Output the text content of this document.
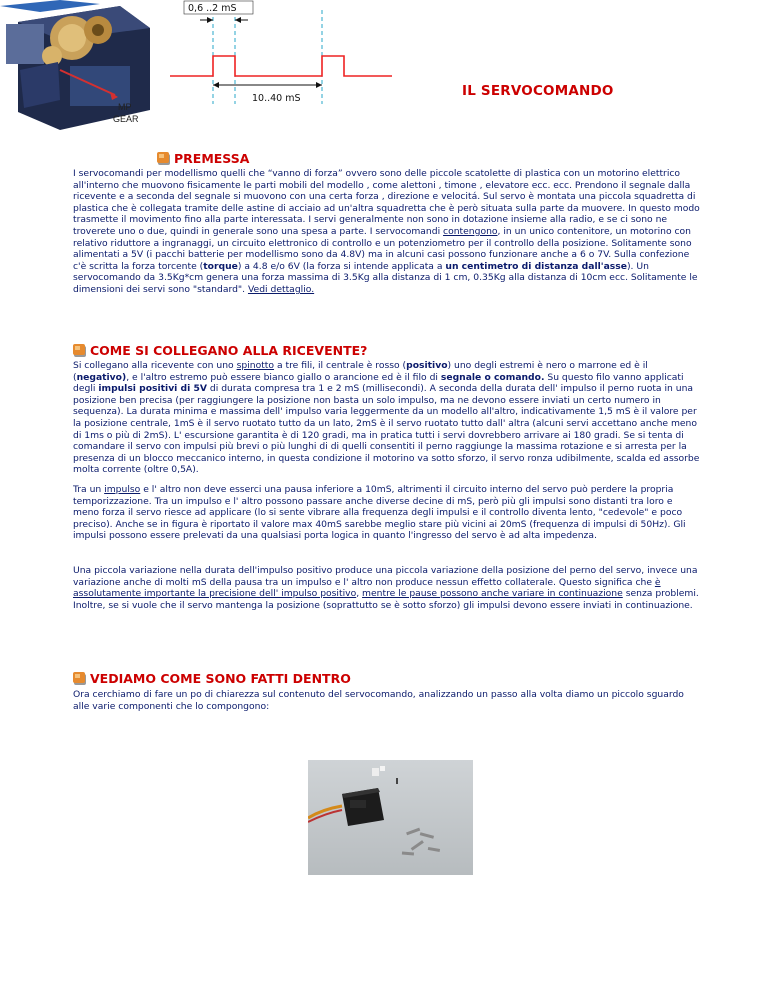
MP
GEAR
0,6 ..2 mS
10..40 mS	IL SERVOCOMANDO
PREMESSA
I servocomandi per modellismo quelli che “vanno di forza” ovvero sono delle piccole scatolette di plastica con un motorino elettrico all'interno che muovono fisicamente le parti mobili del modello , come alettoni , timone , elevatore ecc. ecc. Prendono il segnale dalla ricevente e a seconda del segnale si muovono con una certa forza , direzione e velocitá. Sul servo è montata una piccola squadretta di plastica che è collegata tramite delle astine di acciaio ad un'altra squadretta che è però situata sulla parte da muovere. In questo modo trasmette il movimento fino alla parte interessata. I servi generalmente non sono in dotazione insieme alla radio, e se ci sono ne troverete uno o due, quindi in generale sono una spesa a parte. I servocomandi contengono, in un unico contenitore, un motorino con relativo riduttore a ingranaggi, un circuito elettronico di controllo e un potenziometro per il controllo della posizione. Solitamente sono alimentati a 5V (i pacchi batterie per modellismo sono da 4.8V) ma in alcuni casi possono funzionare anche a 6 o 7V. Sulla confezione c'è scritta la forza torcente (torque) a 4.8 e/o 6V (la forza si intende applicata a un centimetro di distanza dall'asse). Un servocomando da 3.5Kg*cm genera una forza massima di 3.5Kg alla distanza di 1 cm, 0.35Kg alla distanza di 10cm ecc. Solitamente le dimensioni dei servi sono "standard". Vedi dettaglio.
COME SI COLLEGANO ALLA RICEVENTE?
Si collegano alla ricevente con uno spinotto a tre fili, il centrale è rosso (positivo) uno degli estremi è nero o marrone ed è il (negativo), e l'altro estremo può essere bianco giallo o arancione ed è il filo di segnale o comando. Su questo filo vanno applicati degli impulsi positivi di 5V di durata compresa tra 1 e 2 mS (millisecondi). A seconda della durata dell' impulso il perno ruota in una posizione ben precisa (per raggiungere la posizione non basta un solo impulso, ma ne devono essere inviati un certo numero in sequenza). La durata minima e massima dell' impulso varia leggermente da un modello all'altro, indicativamente 1,5 mS è il valore per la posizione centrale, 1mS è il servo ruotato tutto da un lato, 2mS è il servo ruotato tutto dall' altra (alcuni servi accettano anche meno di 1ms o più di 2mS). L' escursione garantita è di 120 gradi, ma in pratica tutti i servi dovrebbero arrivare ai 180 gradi. Se si tenta di comandare il servo con impulsi più brevi o più lunghi di di quelli consentiti il perno raggiunge la massima rotazione e si arresta per la presenza di un blocco meccanico interno, in questa condizione il motorino va sotto sforzo, il servo ronza udibilmente, scalda ed assorbe molta corrente (oltre 0,5A).
Tra un impulso e l' altro non deve esserci una pausa inferiore a 10mS, altrimenti il circuito interno del servo può perdere la propria temporizzazione. Tra un impulso e l' altro possono passare anche diverse decine di mS, però più gli impulsi sono distanti tra loro e meno forza il servo riesce ad applicare (lo si sente vibrare alla frequenza degli impulsi e il controllo diventa lento, "cedevole" e poco preciso). Anche se in figura è riportato il valore max 40mS sarebbe meglio stare più vicini ai 20mS (frequenza di impulsi di 50Hz). Gli impulsi possono essere prelevati da una qualsiasi porta logica in quanto l'ingresso del servo è ad alta impedenza.
Una piccola variazione nella durata dell'impulso positivo produce una piccola variazione della posizione del perno del servo, invece una variazione anche di molti mS della pausa tra un impulso e l' altro non produce nessun effetto collaterale. Questo significa che è assolutamente importante la precisione dell' impulso positivo, mentre le pause possono anche variare in continuazione senza problemi. Inoltre, se si vuole che il servo mantenga la posizione (soprattutto se è sotto sforzo) gli impulsi devono essere inviati in continuazione.
VEDIAMO COME SONO FATTI DENTRO
Ora cerchiamo di fare un po di chiarezza sul contenuto del servocomando, analizzando un passo alla volta diamo un piccolo sguardo alle varie componenti che lo compongono:
